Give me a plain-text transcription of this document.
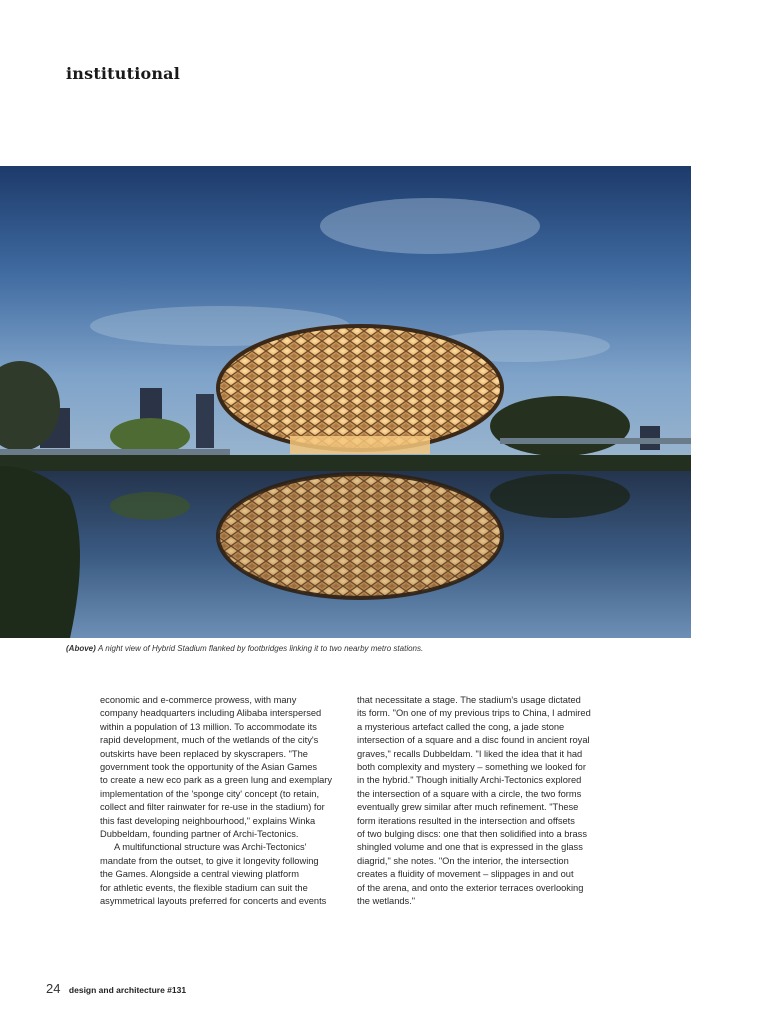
institutional
(Above) A night view of Hybrid Stadium flanked by footbridges linking it to two nearby metro stations.
economic and e-commerce prowess, with many
company headquarters including Alibaba interspersed
within a population of 13 million. To accommodate its
rapid development, much of the wetlands of the city's
outskirts have been replaced by skyscrapers. "The
government took the opportunity of the Asian Games
to create a new eco park as a green lung and exemplary
implementation of the 'sponge city' concept (to retain,
collect and filter rainwater for re-use in the stadium) for
this fast developing neighbourhood," explains Winka
Dubbeldam, founding partner of Archi-Tectonics.
A multifunctional structure was Archi-Tectonics'
mandate from the outset, to give it longevity following
the Games. Alongside a central viewing platform
for athletic events, the flexible stadium can suit the
asymmetrical layouts preferred for concerts and events
that necessitate a stage. The stadium's usage dictated
its form. "On one of my previous trips to China, I admired
a mysterious artefact called the cong, a jade stone
intersection of a square and a disc found in ancient royal
graves," recalls Dubbeldam. "I liked the idea that it had
both complexity and mystery – something we looked for
in the hybrid." Though initially Archi-Tectonics explored
the intersection of a square with a circle, the two forms
eventually grew similar after much refinement. "These
form iterations resulted in the intersection and offsets
of two bulging discs: one that then solidified into a brass
shingled volume and one that is expressed in the glass
diagrid," she notes. "On the interior, the intersection
creates a fluidity of movement – slippages in and out
of the arena, and onto the exterior terraces overlooking
the wetlands."
24 design and architecture #131
